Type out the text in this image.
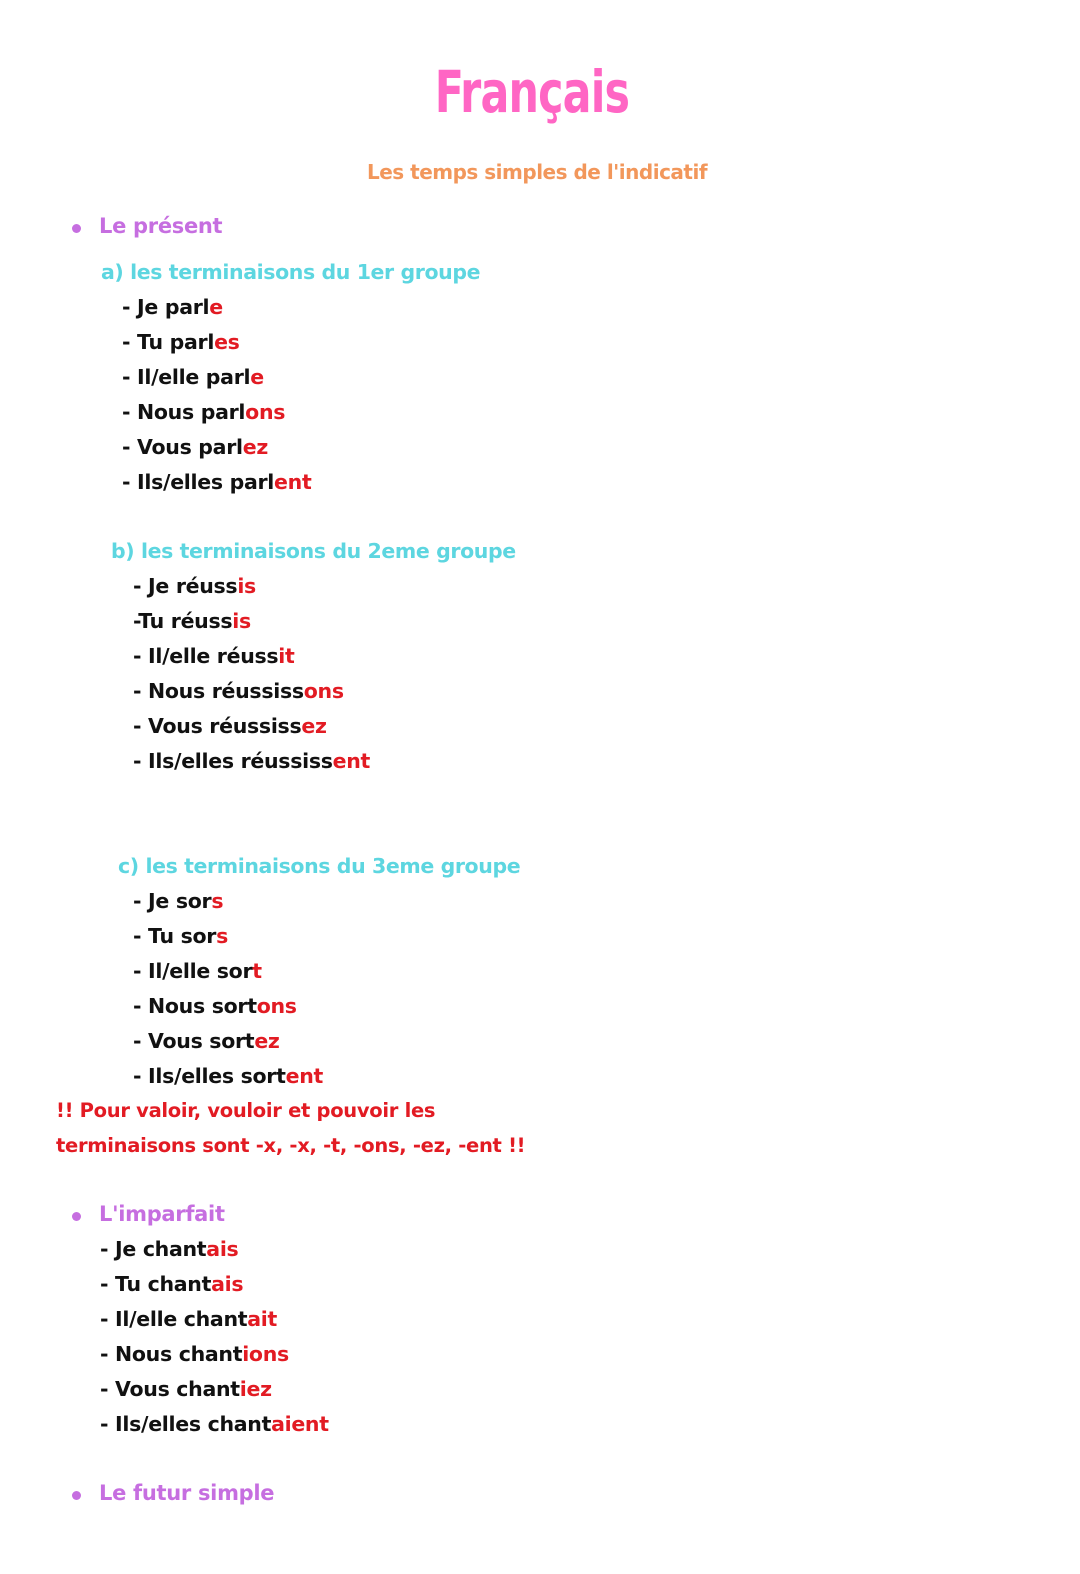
Français
Les temps simples de l'indicatif
Le présent
a) les terminaisons du 1er groupe
- Je parle
- Tu parles
- Il/elle parle
- Nous parlons
- Vous parlez
- Ils/elles parlent
b) les terminaisons du 2eme groupe
- Je réussis
-Tu réussis
- Il/elle réussit
- Nous réussissons
- Vous réussissez
- Ils/elles réussissent
c) les terminaisons du 3eme groupe
- Je sors
- Tu sors
- Il/elle sort
- Nous sortons
- Vous sortez
- Ils/elles sortent
!! Pour valoir, vouloir et pouvoir les
terminaisons sont -x, -x, -t, -ons, -ez, -ent !!
L'imparfait
- Je chantais
- Tu chantais
- Il/elle chantait
- Nous chantions
- Vous chantiez
- Ils/elles chantaient
Le futur simple
